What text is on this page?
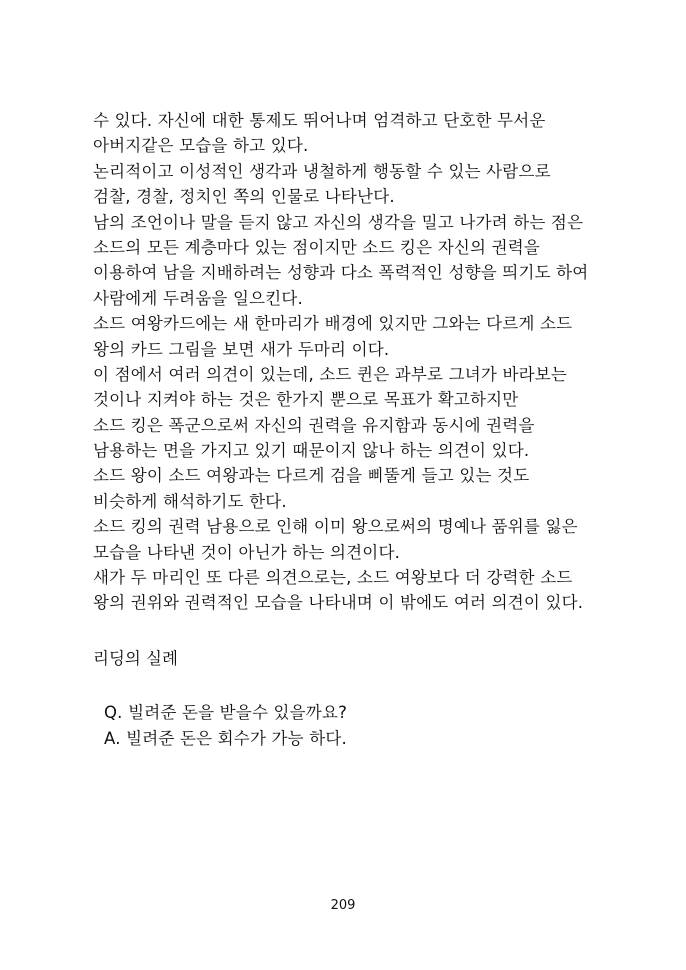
수 있다. 자신에 대한 통제도 뛰어나며 엄격하고 단호한 무서운
아버지같은 모습을 하고 있다.
논리적이고 이성적인 생각과 냉철하게 행동할 수 있는 사람으로
검찰, 경찰, 정치인 쪽의 인물로 나타난다.
남의 조언이나 말을 듣지 않고 자신의 생각을 밀고 나가려 하는 점은
소드의 모든 계층마다 있는 점이지만 소드 킹은 자신의 권력을
이용하여 남을 지배하려는 성향과 다소 폭력적인 성향을 띄기도 하여
사람에게 두려움을 일으킨다.
소드 여왕카드에는 새 한마리가 배경에 있지만 그와는 다르게 소드
왕의 카드 그림을 보면 새가 두마리 이다.
이 점에서 여러 의견이 있는데, 소드 퀸은 과부로 그녀가 바라보는
것이나 지켜야 하는 것은 한가지 뿐으로 목표가 확고하지만
소드 킹은 폭군으로써 자신의 권력을 유지함과 동시에 권력을
남용하는 면을 가지고 있기 때문이지 않나 하는 의견이 있다.
소드 왕이 소드 여왕과는 다르게 검을 삐뚤게 들고 있는 것도
비슷하게 해석하기도 한다.
소드 킹의 권력 남용으로 인해 이미 왕으로써의 명예나 품위를 잃은
모습을 나타낸 것이 아닌가 하는 의견이다.
새가 두 마리인 또 다른 의견으로는, 소드 여왕보다 더 강력한 소드
왕의 권위와 권력적인 모습을 나타내며 이 밖에도 여러 의견이 있다.
리딩의 실례
Q. 빌려준 돈을 받을수 있을까요?
A. 빌려준 돈은 회수가 가능 하다.
209
